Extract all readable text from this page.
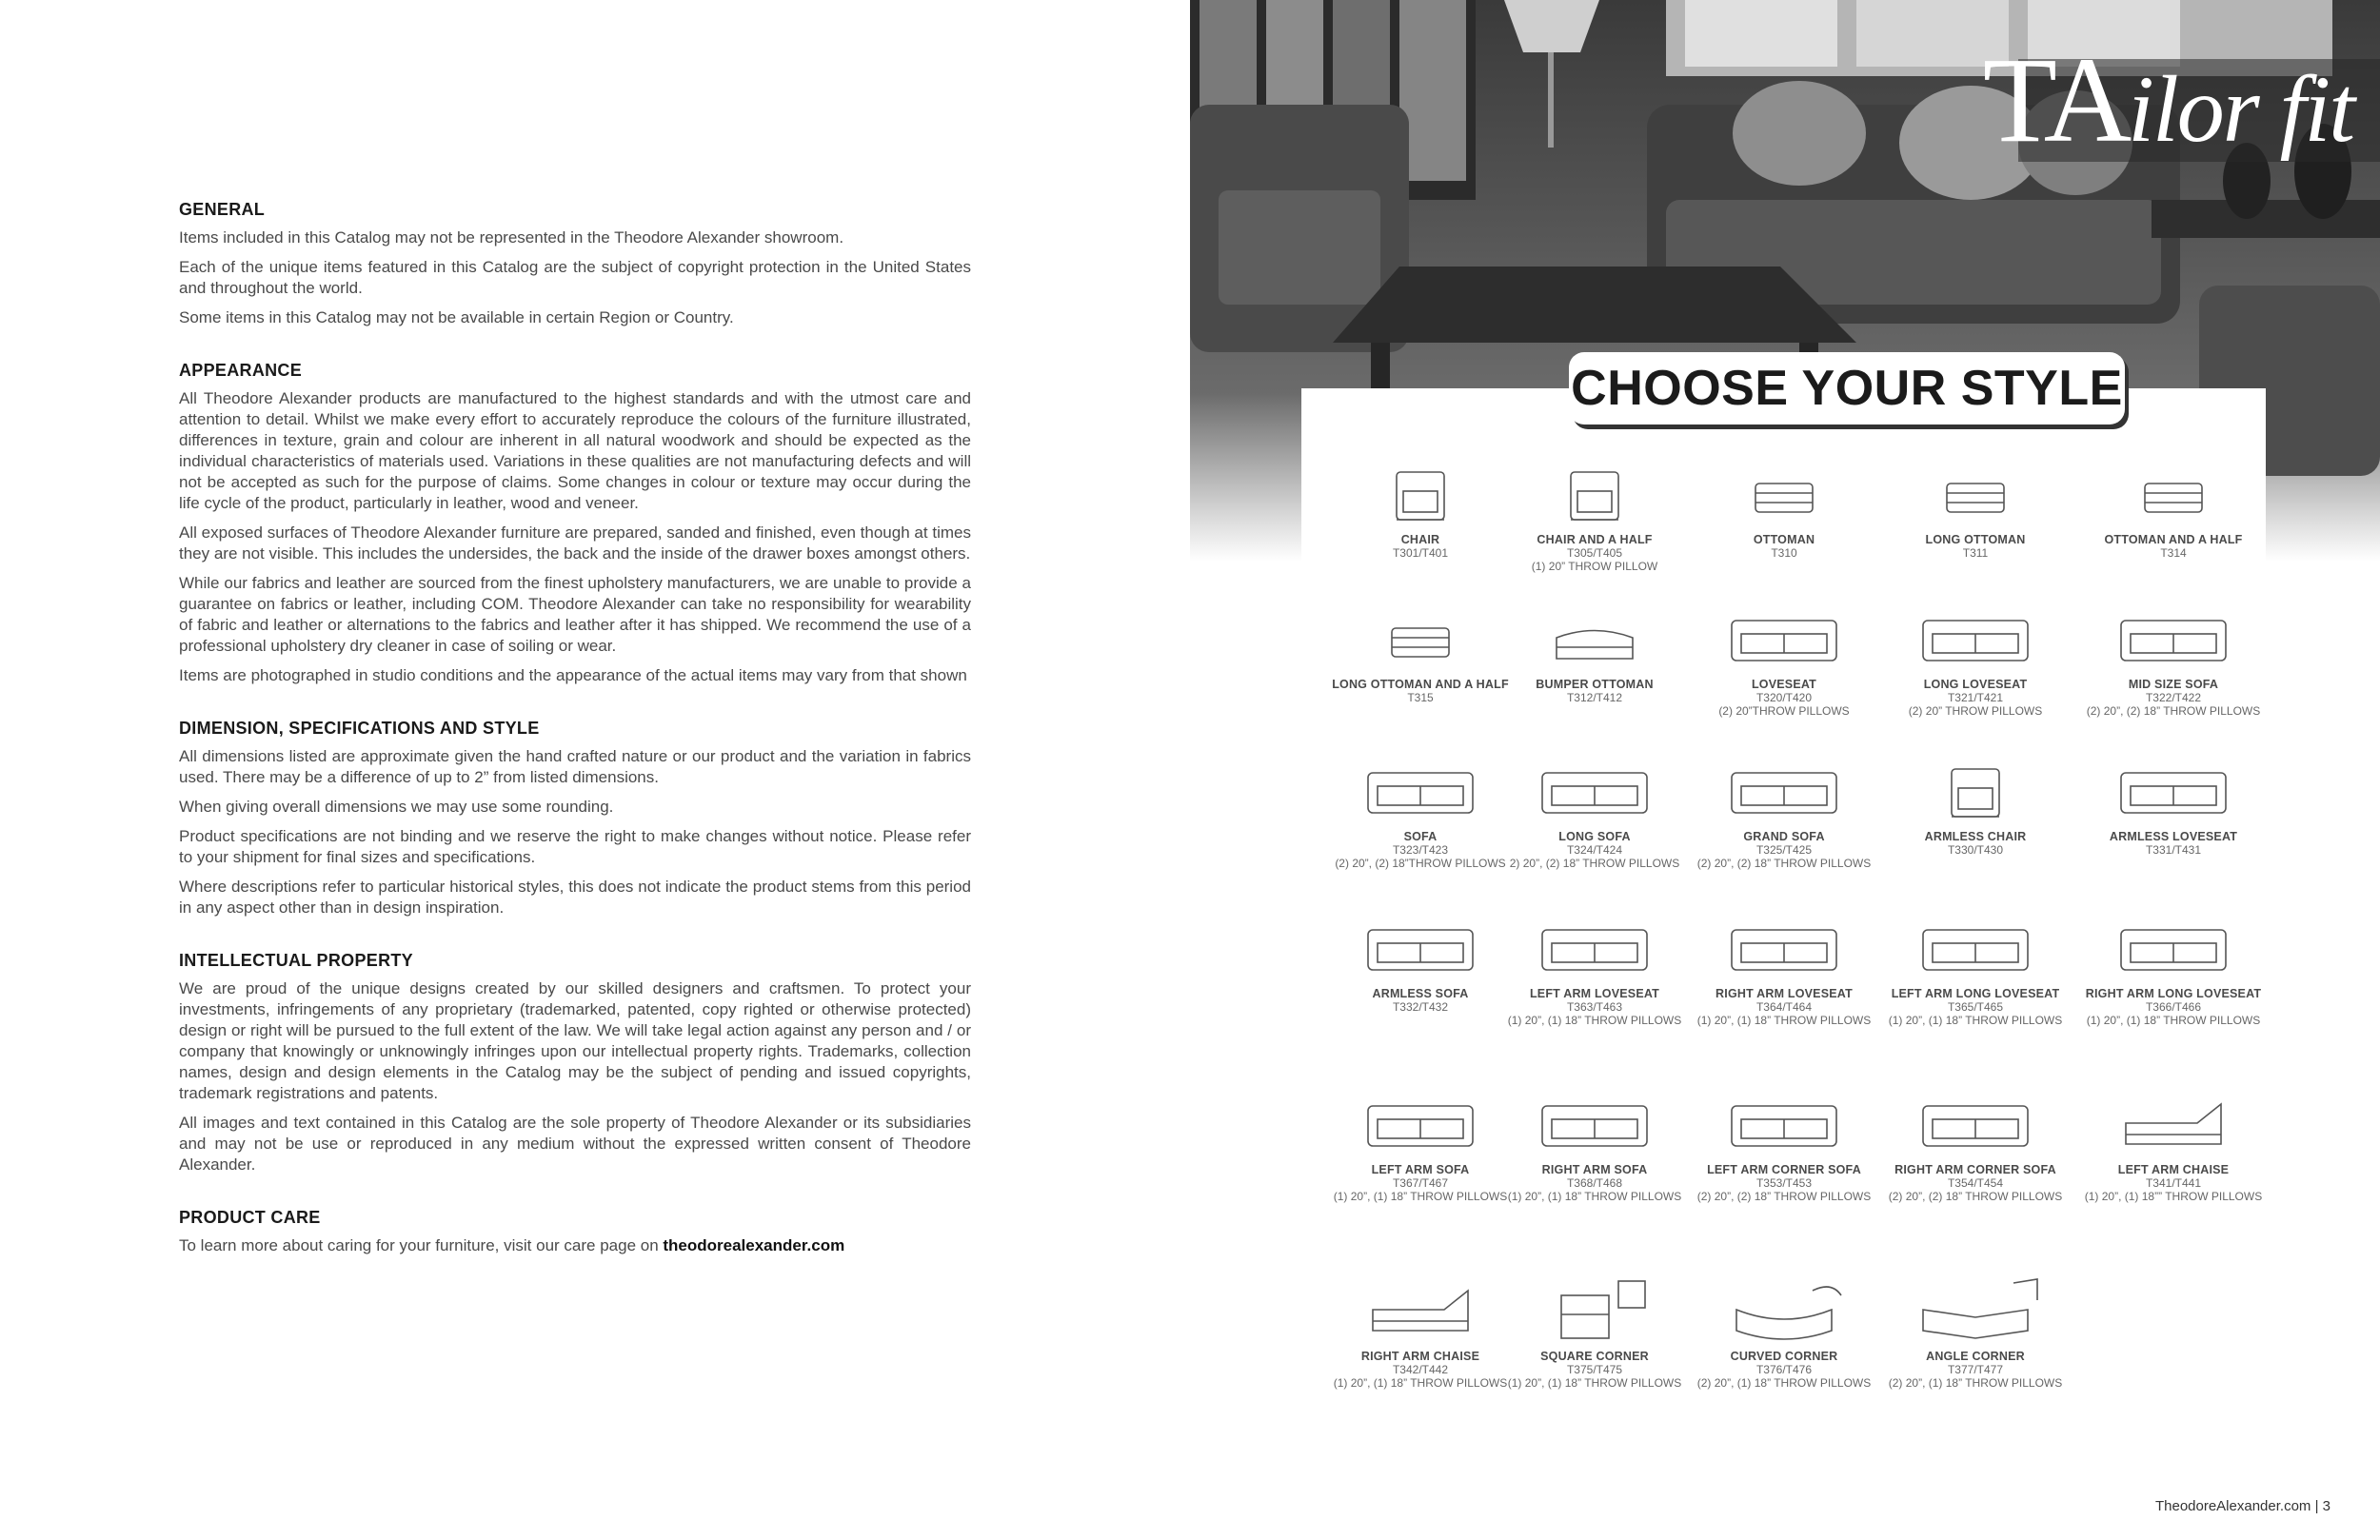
GENERAL

Items included in this Catalog may not be represented in the Theodore Alexander showroom.

Each of the unique items featured in this Catalog are the subject of copyright protection in the United States and throughout the world.

Some items in this Catalog may not be available in certain Region or Country.

APPEARANCE

All Theodore Alexander products are manufactured to the highest standards and with the utmost care and attention to detail. Whilst we make every effort to accurately reproduce the colours of the furniture illustrated, differences in texture, grain and colour are inherent in all natural woodwork and should be expected as the individual characteristics of materials used. Variations in these qualities are not manufacturing defects and will not be accepted as such for the purpose of claims. Some changes in colour or texture may occur during the life cycle of the product, particularly in leather, wood and veneer.

All exposed surfaces of Theodore Alexander furniture are prepared, sanded and finished, even though at times they are not visible. This includes the undersides, the back and the inside of the drawer boxes amongst others.

While our fabrics and leather are sourced from the finest upholstery manufacturers, we are unable to provide a guarantee on fabrics or leather, including COM. Theodore Alexander can take no responsibility for wearability of fabric and leather or alternations to the fabrics and leather after it has shipped. We recommend the use of a professional upholstery dry cleaner in case of soiling or wear.

Items are photographed in studio conditions and the appearance of the actual items may vary from that shown

DIMENSION, SPECIFICATIONS AND STYLE

All dimensions listed are approximate given the hand crafted nature or our product and the variation in fabrics used. There may be a difference of up to 2” from listed dimensions.

When giving overall dimensions we may use some rounding.

Product specifications are not binding and we reserve the right to make changes without notice. Please refer to your shipment for final sizes and specifications.

Where descriptions refer to particular historical styles, this does not indicate the product stems from this period in any aspect other than in design inspiration.

INTELLECTUAL PROPERTY

We are proud of the unique designs created by our skilled designers and craftsmen. To protect your investments, infringements of any proprietary (trademarked, patented, copy righted or otherwise protected) design or right will be pursued to the full extent of the law. We will take legal action against any person and / or company that knowingly or unknowingly infringes upon our intellectual property rights. Trademarks, collection names, design and design elements in the Catalog may be the subject of pending and issued copyrights, trademark registrations and patents.

All images and text contained in this Catalog are the sole property of Theodore Alexander or its subsidiaries and may not be use or reproduced in any medium without the expressed written consent of Theodore Alexander.

PRODUCT CARE

To learn more about caring for your furniture, visit our care page on theodorealexander.com

TAilor fit
CHOOSE YOUR STYLE
CHAIR
T301/T401
CHAIR AND A HALF
T305/T405
(1) 20” THROW PILLOW
OTTOMAN
T310
LONG OTTOMAN
T311
OTTOMAN AND A HALF
T314
LONG OTTOMAN AND A HALF
T315
BUMPER OTTOMAN
T312/T412
LOVESEAT
T320/T420
(2) 20”THROW PILLOWS
LONG LOVESEAT
T321/T421
(2) 20” THROW PILLOWS
MID SIZE SOFA
T322/T422
(2) 20”, (2) 18” THROW PILLOWS
SOFA
T323/T423
(2) 20”, (2) 18”THROW PILLOWS
LONG SOFA
T324/T424
2) 20”, (2) 18” THROW PILLOWS
GRAND SOFA
T325/T425
(2) 20”, (2) 18” THROW PILLOWS
ARMLESS CHAIR
T330/T430
ARMLESS LOVESEAT
T331/T431
ARMLESS SOFA
T332/T432
LEFT ARM LOVESEAT
T363/T463
(1) 20”, (1) 18” THROW PILLOWS
RIGHT ARM LOVESEAT
T364/T464
(1) 20”, (1) 18” THROW PILLOWS
LEFT ARM LONG LOVESEAT
T365/T465
(1) 20”, (1) 18” THROW PILLOWS
RIGHT ARM LONG LOVESEAT
T366/T466
(1) 20”, (1) 18” THROW PILLOWS
LEFT ARM SOFA
T367/T467
(1) 20”, (1) 18” THROW PILLOWS
RIGHT ARM SOFA
T368/T468
(1) 20”, (1) 18” THROW PILLOWS
LEFT ARM CORNER SOFA
T353/T453
(2) 20”, (2) 18” THROW PILLOWS
RIGHT ARM CORNER SOFA
T354/T454
(2) 20”, (2) 18” THROW PILLOWS
LEFT ARM CHAISE
T341/T441
(1) 20”, (1) 18”” THROW PILLOWS
RIGHT ARM CHAISE
T342/T442
(1) 20”, (1) 18” THROW PILLOWS
SQUARE CORNER
T375/T475
(1) 20”, (1) 18” THROW PILLOWS
CURVED CORNER
T376/T476
(2) 20”, (1) 18” THROW PILLOWS
ANGLE CORNER
T377/T477
(2) 20”, (1) 18” THROW PILLOWS
TheodoreAlexander.com | 3
